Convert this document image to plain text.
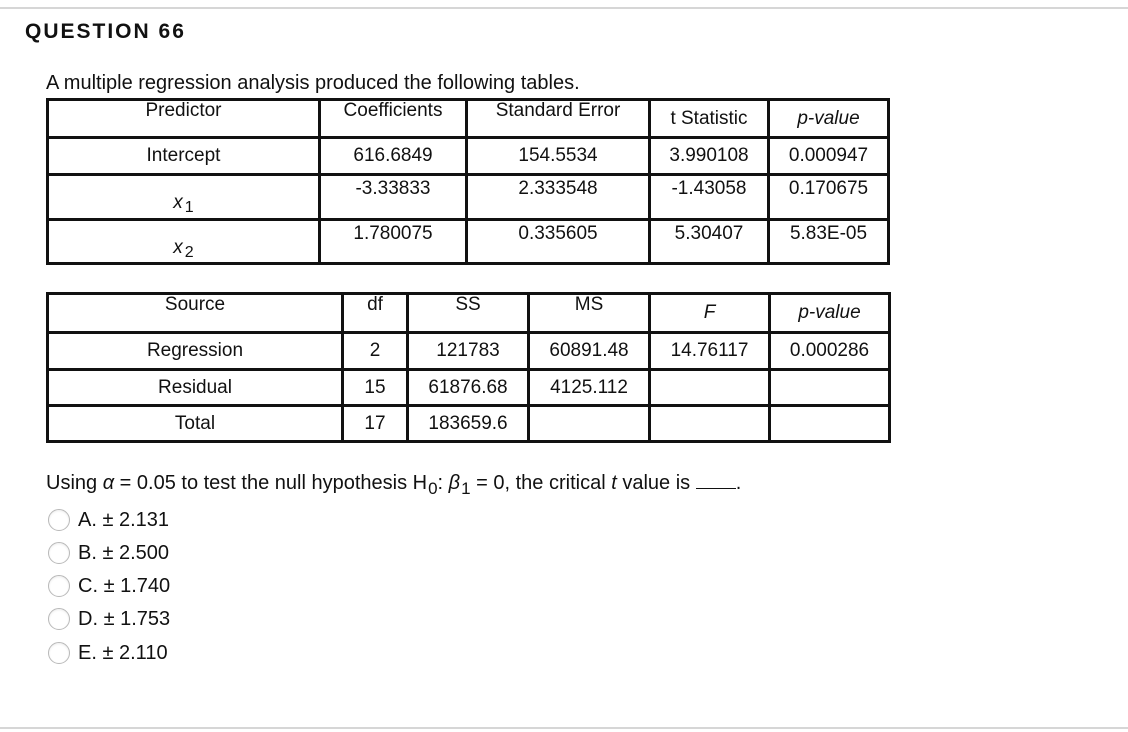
QUESTION 66
A multiple regression analysis produced the following tables.
Predictor	Coefficients	Standard Error	t Statistic	p-value
Intercept	616.6849	154.5534	3.990108	0.000947
x 1	-3.33833	2.333548	-1.43058	0.170675
x 2	1.780075	0.335605	5.30407	5.83E-05
Source	df	SS	MS	F	p-value
Regression	2	121783	60891.48	14.76117	0.000286
Residual	15	61876.68	4125.112		
Total	17	183659.6			
Using α = 0.05 to test the null hypothesis $H_0$: $\beta_1 = 0$, the critical t value is .
A. ± 2.131
B. ± 2.500
C. ± 1.740
D. ± 1.753
E. ± 2.110
